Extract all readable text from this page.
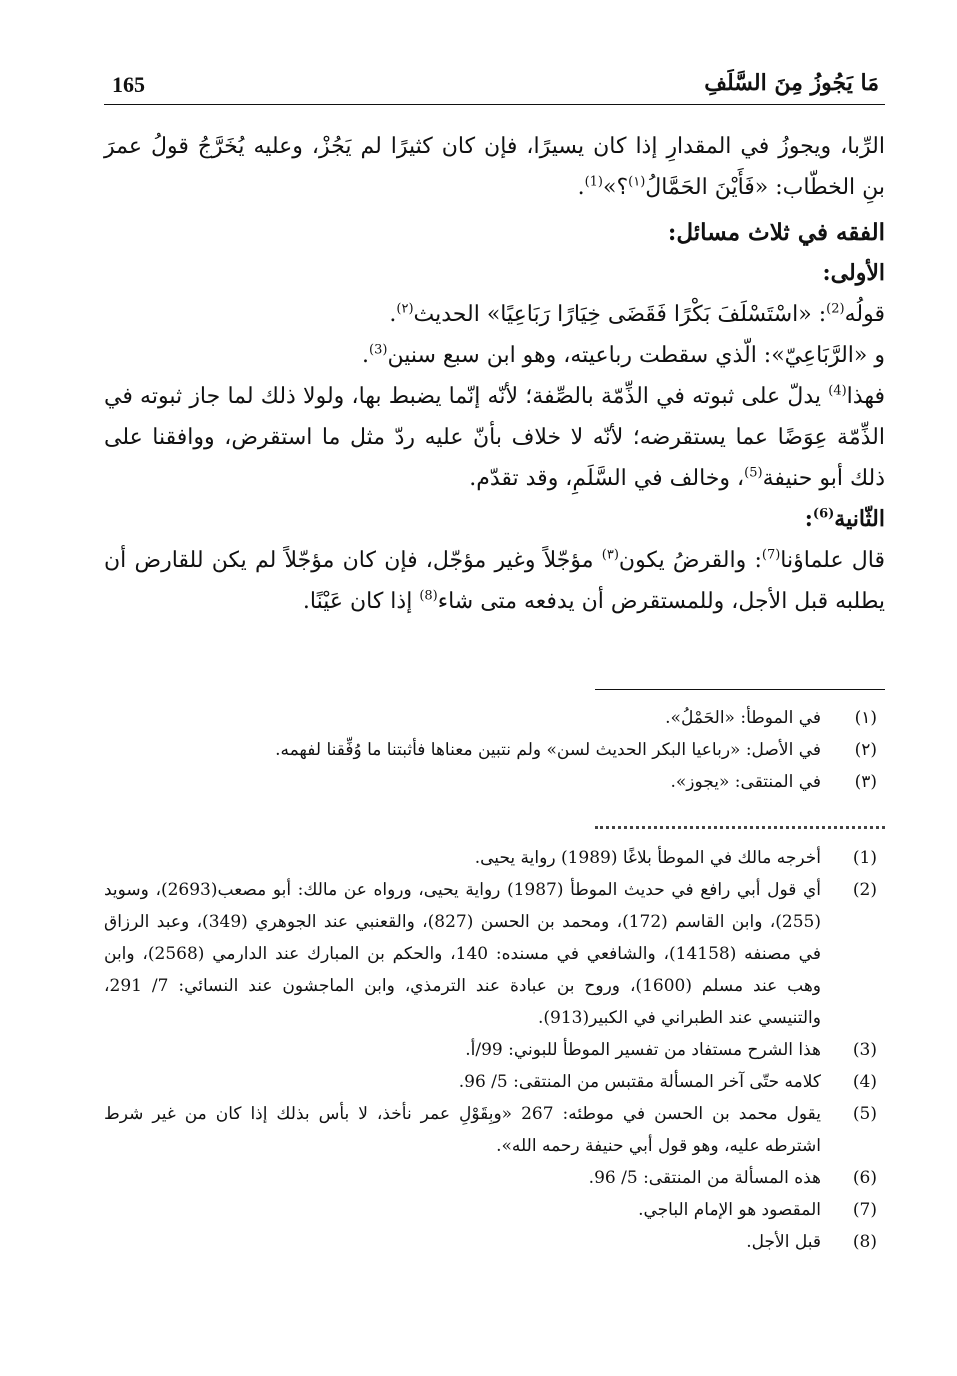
165	مَا يَجُوزُ مِنَ السَّلَفِ

الرِّبا، ويجوزُ في المقدارِ إذا كان يسيرًا، فإن كان كثيرًا لم يَجُزْ، وعليه يُخَرَّجُ قولُ عمرَ بنِ الخطّاب: «فَأَيْنَ الحَمَّالُ$^{(١)}$؟»$^{(1)}$.

الفقه في ثلاث مسائل:

الأولى:

قولُه$^{(2)}$: «اسْتَسْلَفَ بَكْرًا فَقَضَى خِيَارًا رَبَاعِيًا» الحديث$^{(٢)}$.

و «الرَّبَاعِيّ»: الّذي سقطت رباعيته، وهو ابن سبع سنين$^{(3)}$.

فهذا$^{(4)}$ يدلّ على ثبوته في الذِّمّة بالصِّفة؛ لأنّه إنّما يضبط بها، ولولا ذلك لما جاز ثبوته في الذِّمّة عِوَضًا عما يستقرضه؛ لأنّه لا خلاف بأنّ عليه ردّ مثل ما استقرض، ووافقنا على ذلك أبو حنيفة$^{(5)}$، وخالف في السَّلَمِ، وقد تقدّم.

الثّانية$^{(6)}$:

قال علماؤنا$^{(7)}$: والقرضُ يكون$^{(٣)}$ مؤجّلاً وغير مؤجّل، فإن كان مؤجّلاً لم يكن للقارض أن يطلبه قبل الأجل، وللمستقرض أن يدفعه متى شاء$^{(8)}$ إذا كان عَيْنًا.

(١)
في الموطأ: «الحَمْلُ».
(٢)
في الأصل: «رباعيا البكر الحديث لسن» ولم نتبين معناها فأثبتنا ما وُفِّقنا لفهمه.
(٣)
في المنتقى: «يجوز».
(1)
أخرجه مالك في الموطأ بلاغًا (1989) رواية يحيى.
(2)
أي قول أبي رافع في حديث الموطأ (1987) رواية يحيى، ورواه عن مالك: أبو مصعب(2693)، وسويد (255)، وابن القاسم (172)، ومحمد بن الحسن (827)، والقعنبي عند الجوهري (349)، وعبد الرزاق في مصنفه (14158)، والشافعي في مسنده: 140، والحكم بن المبارك عند الدارمي (2568)، وابن وهب عند مسلم (1600)، وروح بن عبادة عند الترمذي، وابن الماجشون عند النسائي: 7/ 291، والتنيسي عند الطبراني في الكبير(913).
(3)
هذا الشرح مستفاد من تفسير الموطأ للبوني: 99/أ.
(4)
كلامه حتّى آخر المسألة مقتبس من المنتقى: 5/ 96.
(5)
يقول محمد بن الحسن في موطئه: 267 «وبِقَوْلِ عمر نأخذ، لا بأس بذلك إذا كان من غير شرط اشترطه عليه، وهو قول أبي حنيفة رحمه الله».
(6)
هذه المسألة من المنتقى: 5/ 96.
(7)
المقصود هو الإمام الباجي.
(8)
قبل الأجل.
